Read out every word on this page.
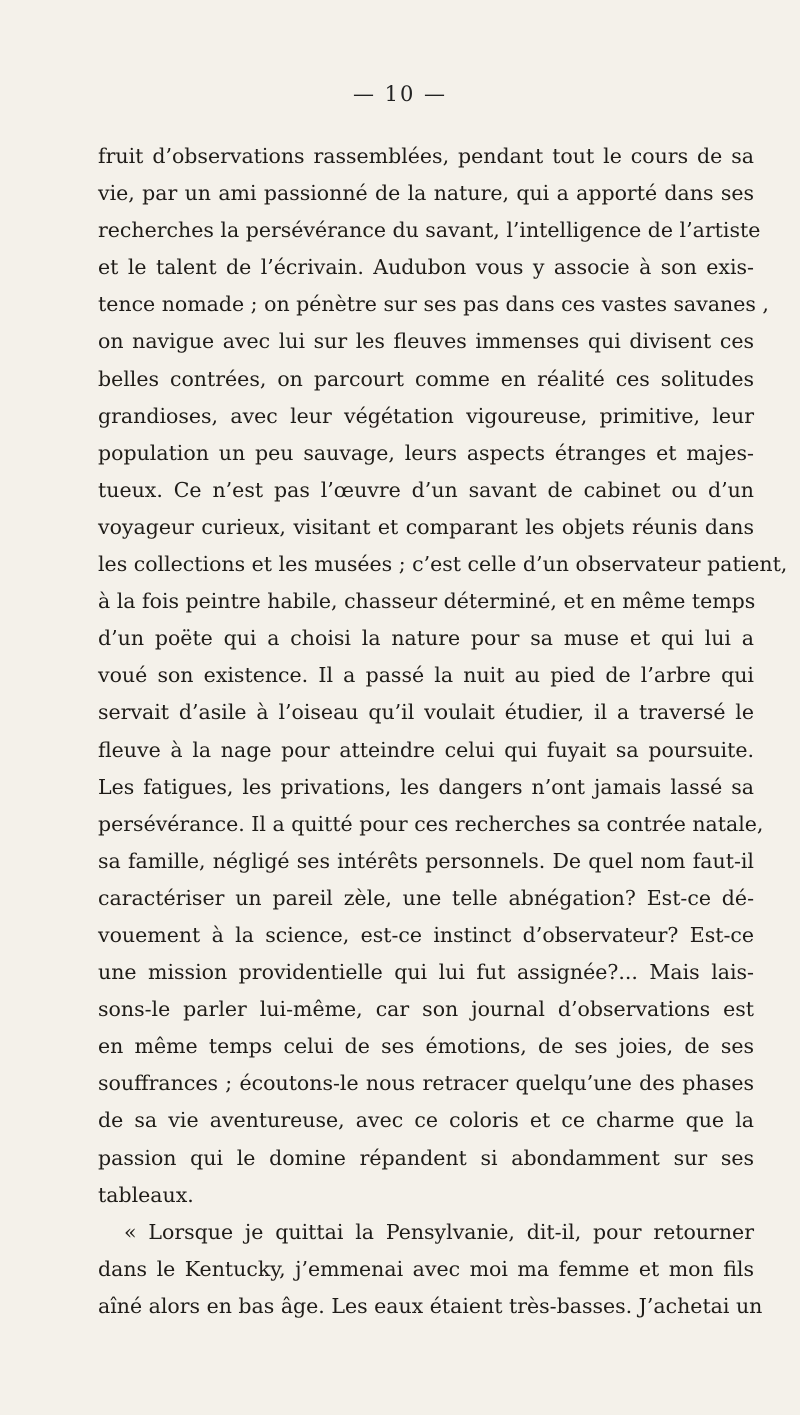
— 10 —
fruit d’observations rassemblées, pendant tout le cours de sa
vie, par un ami passionné de la nature, qui a apporté dans ses
recherches la persévérance du savant, l’intelligence de l’artiste
et le talent de l’écrivain. Audubon vous y associe à son exis-
tence nomade ; on pénètre sur ses pas dans ces vastes savanes ,
on navigue avec lui sur les fleuves immenses qui divisent ces
belles contrées, on parcourt comme en réalité ces solitudes
grandioses, avec leur végétation vigoureuse, primitive, leur
population un peu sauvage, leurs aspects étranges et majes-
tueux. Ce n’est pas l’œuvre d’un savant de cabinet ou d’un
voyageur curieux, visitant et comparant les objets réunis dans
les collections et les musées ; c’est celle d’un observateur patient,
à la fois peintre habile, chasseur déterminé, et en même temps
d’un poëte qui a choisi la nature pour sa muse et qui lui a
voué son existence. Il a passé la nuit au pied de l’arbre qui
servait d’asile à l’oiseau qu’il voulait étudier, il a traversé le
fleuve à la nage pour atteindre celui qui fuyait sa poursuite.
Les fatigues, les privations, les dangers n’ont jamais lassé sa
persévérance. Il a quitté pour ces recherches sa contrée natale,
sa famille, négligé ses intérêts personnels. De quel nom faut-il
caractériser un pareil zèle, une telle abnégation? Est-ce dé-
vouement à la science, est-ce instinct d’observateur? Est-ce
une mission providentielle qui lui fut assignée?... Mais lais-
sons-le parler lui-même, car son journal d’observations est
en même temps celui de ses émotions, de ses joies, de ses
souffrances ; écoutons-le nous retracer quelqu’une des phases
de sa vie aventureuse, avec ce coloris et ce charme que la
passion qui le domine répandent si abondamment sur ses
tableaux.
« Lorsque je quittai la Pensylvanie, dit-il, pour retourner
dans le Kentucky, j’emmenai avec moi ma femme et mon fils
aîné alors en bas âge. Les eaux étaient très-basses. J’achetai un
